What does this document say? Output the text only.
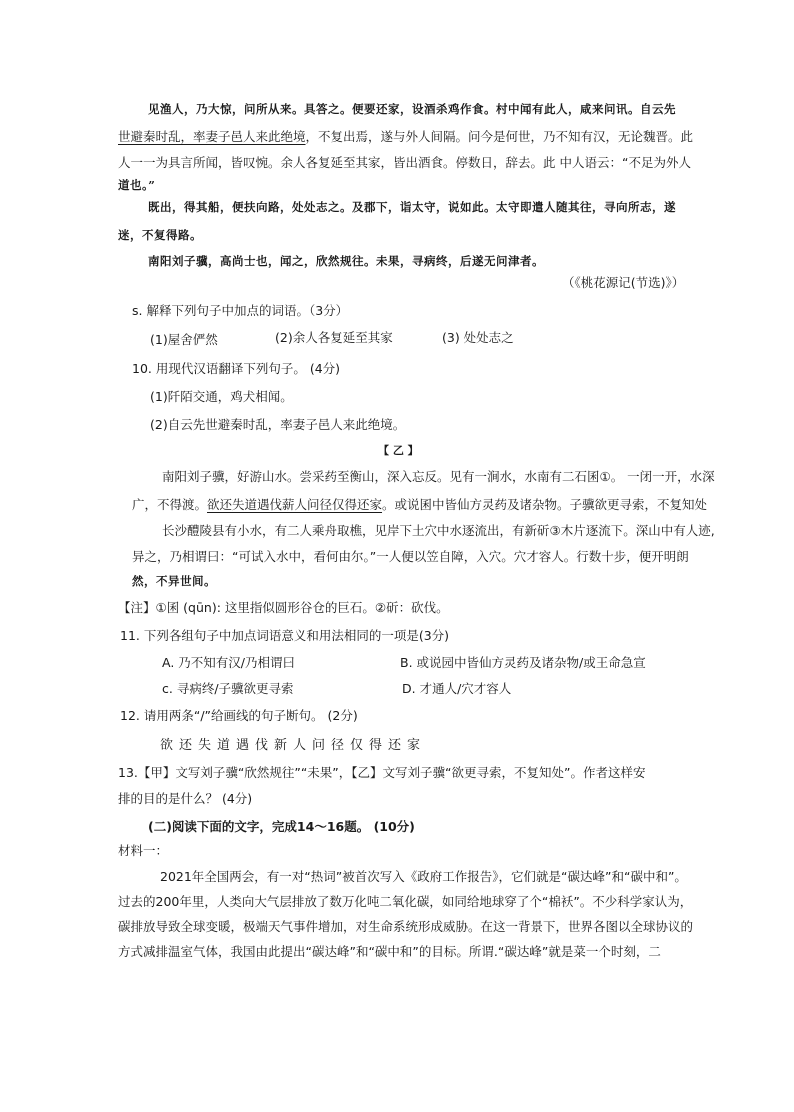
见渔人，乃大惊，问所从来。具答之。便要还家，设酒杀鸡作食。村中闻有此人，咸来问讯。自云先
世避秦时乱，率妻子邑人来此绝境，不复出焉，遂与外人间隔。问今是何世，乃不知有汉，无论魏晋。此
人一一为具言所闻，皆叹惋。余人各复延至其家，皆出酒食。停数日，辞去。此 中人语云：“不足为外人
道也。”
既出，得其船，便扶向路，处处志之。及郡下，诣太守，说如此。太守即遣人随其往，寻向所志，遂
迷，不复得路。
南阳刘子骥，高尚士也，闻之，欣然规往。未果，寻病终，后遂无问津者。
（《桃花源记(节选)》）
s. 解释下列句子中加点的词语。（3分）
(1)屋舍俨然	(2)余人各复延至其家	(3) 处处志之
10. 用现代汉语翻译下列句子。 (4分)
(1)阡陌交通，鸡犬相闻。
(2)自云先世避秦时乱，率妻子邑人来此绝境。
【 乙 】
南阳刘子骥，好游山水。尝采药至衡山，深入忘反。见有一涧水，水南有二石囷①。 一闭一开，水深
广，不得渡。欲还失道遇伐薪人问径仅得还家。或说囷中皆仙方灵药及诸杂物。子骥欲更寻索，不复知处
长沙醴陵县有小水，有二人乘舟取樵，见岸下土穴中水逐流出，有新斫③木片逐流下。深山中有人迹,
异之，乃相谓曰：“可试入水中，看何由尔。”一人便以笠自障，入穴。穴才容人。行数十步，便开明朗
然，不异世间。
【注】①囷 (qūn): 这里指似圆形谷仓的巨石。②斫：砍伐。
11. 下列各组句子中加点词语意义和用法相同的一项是(3分)
A. 乃不知有汉/乃相谓曰	B. 或说园中皆仙方灵药及诸杂物/或王命急宣
c. 寻病终/子骥欲更寻索	D. 才通人/穴才容人
12. 请用两条“/”给画线的句子断句。 (2分)
欲还失道遇伐新人问径仅得还家
13.【甲】文写刘子骥“欣然规往”“未果”，【乙】文写刘子骥“欲更寻索，不复知处”。作者这样安
排的目的是什么？ (4分)
(二)阅读下面的文字，完成14～16题。 (10分)
材料一：
2021年全国两会，有一对“热词”被首次写入《政府工作报告》，它们就是“碳达峰”和“碳中和”。
过去的200年里，人类向大气层排放了数万化吨二氧化碳，如同给地球穿了个“棉袄”。不少科学家认为，
碳排放导致全球变暖，极端天气事件增加，对生命系统形成威胁。在这一背景下，世界各图以全球协议的
方式减排温室气体，我国由此提出“碳达峰”和“碳中和”的目标。所谓.“碳达峰”就是菜一个时刻，二
